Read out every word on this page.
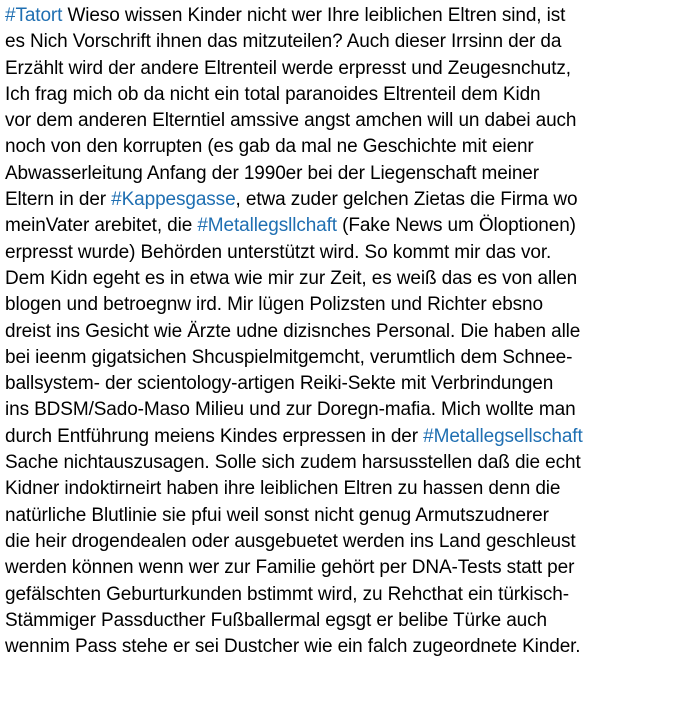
#Tatort Wieso wissen Kinder nicht wer Ihre leiblichen Eltren sind, ist
es Nich Vorschrift ihnen das mitzuteilen? Auch dieser Irrsinn der da
Erzählt wird der andere Eltrenteil werde erpresst und Zeugesnchutz,
Ich frag mich ob da nicht ein total paranoides Eltrenteil dem Kidn
vor dem anderen Elterntiel amssive angst amchen will un dabei auch
noch von den korrupten (es gab da mal ne Geschichte mit eienr
Abwasserleitung Anfang der 1990er bei der Liegenschaft meiner
Eltern in der #Kappesgasse, etwa zuder gelchen Zietas die Firma wo
meinVater arebitet, die #Metallegsllchaft (Fake News um Öloptionen)
erpresst wurde) Behörden unterstützt wird. So kommt mir das vor.
Dem Kidn egeht es in etwa wie mir zur Zeit, es weiß das es von allen
blogen und betroegnw ird. Mir lügen Polizsten und Richter ebsno
dreist ins Gesicht wie Ärzte udne dizisnches Personal. Die haben alle
bei ieenm gigatsichen Shcuspielmitgemcht, verumtlich dem Schnee-
ballsystem- der scientology-artigen Reiki-Sekte mit Verbrindungen
ins BDSM/Sado-Maso Milieu und zur Doregn-mafia. Mich wollte man
durch Entführung meiens Kindes erpressen in der #Metallegsellschaft
Sache nichtauszusagen. Solle sich zudem harsusstellen daß die echt
Kidner indoktirneirt haben ihre leiblichen Eltren zu hassen denn die
natürliche Blutlinie sie pfui weil sonst nicht genug Armutszudnerer
die heir drogendealen oder ausgebuetet werden ins Land geschleust
werden können wenn wer zur Familie gehört per DNA-Tests statt per
gefälschten Geburturkunden bstimmt wird, zu Rehcthat ein türkisch-
Stämmiger Passducther Fußballermal egsgt er belibe Türke auch
wennim Pass stehe er sei Dustcher wie ein falch zugeordnete Kinder.
